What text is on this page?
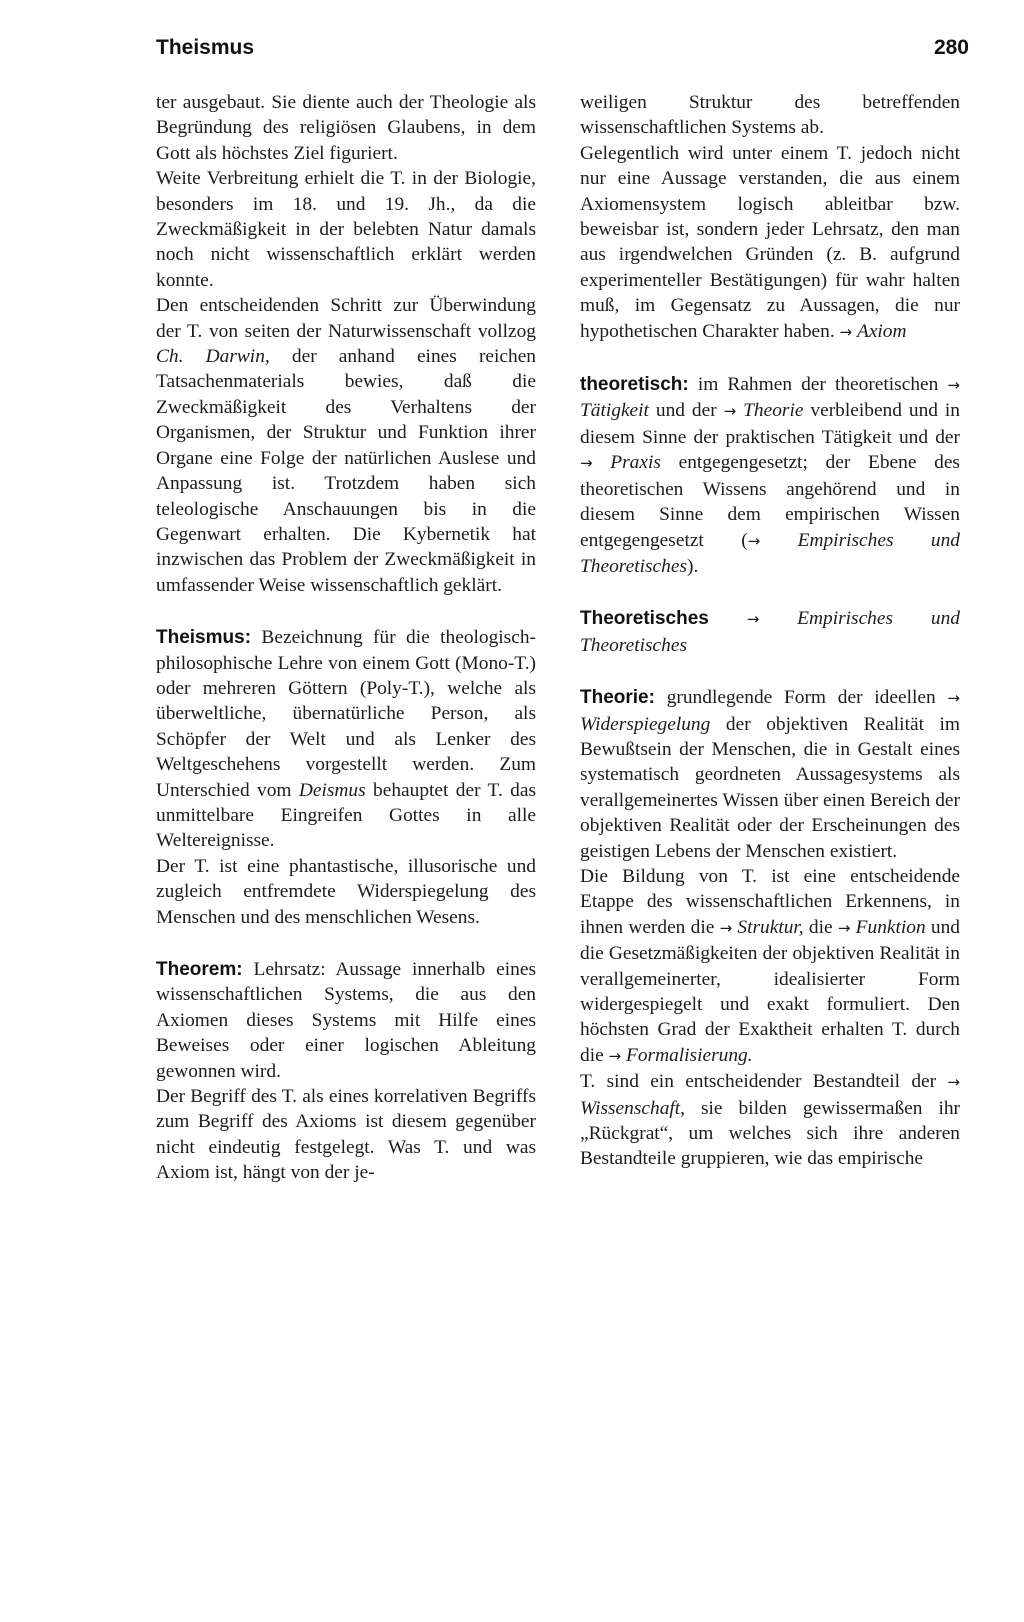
Theismus	280

ter ausgebaut. Sie diente auch der Theologie als Begründung des religiösen Glaubens, in dem Gott als höchstes Ziel figuriert.

Weite Verbreitung erhielt die T. in der Biologie, besonders im 18. und 19. Jh., da die Zweckmäßigkeit in der belebten Natur damals noch nicht wissenschaftlich erklärt werden konnte.

Den entscheidenden Schritt zur Überwindung der T. von seiten der Naturwissenschaft vollzog Ch. Darwin, der anhand eines reichen Tatsachenmaterials bewies, daß die Zweckmäßigkeit des Verhaltens der Organismen, der Struktur und Funktion ihrer Organe eine Folge der natürlichen Auslese und Anpassung ist. Trotzdem haben sich teleologische Anschauungen bis in die Gegenwart erhalten. Die Kybernetik hat inzwischen das Problem der Zweckmäßigkeit in umfassender Weise wissenschaftlich geklärt.

Theismus: Bezeichnung für die theologisch-philosophische Lehre von einem Gott (Mono-T.) oder mehreren Göttern (Poly-T.), welche als überweltliche, übernatürliche Person, als Schöpfer der Welt und als Lenker des Weltgeschehens vorgestellt werden. Zum Unterschied vom Deismus behauptet der T. das unmittelbare Eingreifen Gottes in alle Weltereignisse.

Der T. ist eine phantastische, illusorische und zugleich entfremdete Widerspiegelung des Menschen und des menschlichen Wesens.

Theorem: Lehrsatz: Aussage innerhalb eines wissenschaftlichen Systems, die aus den Axiomen dieses Systems mit Hilfe eines Beweises oder einer logischen Ableitung gewonnen wird.

Der Begriff des T. als eines korrelativen Begriffs zum Begriff des Axioms ist diesem gegenüber nicht eindeutig festgelegt. Was T. und was Axiom ist, hängt von der je-

weiligen Struktur des betreffenden wissenschaftlichen Systems ab.

Gelegentlich wird unter einem T. jedoch nicht nur eine Aussage verstanden, die aus einem Axiomensystem logisch ableitbar bzw. beweisbar ist, sondern jeder Lehrsatz, den man aus irgendwelchen Gründen (z. B. aufgrund experimenteller Bestätigungen) für wahr halten muß, im Gegensatz zu Aussagen, die nur hypothetischen Charakter haben. → Axiom

theoretisch: im Rahmen der theoretischen → Tätigkeit und der → Theorie verbleibend und in diesem Sinne der praktischen Tätigkeit und der → Praxis entgegengesetzt; der Ebene des theoretischen Wissens angehörend und in diesem Sinne dem empirischen Wissen entgegengesetzt (→ Empirisches und Theoretisches).

Theoretisches	→ Empirisches und Theoretisches

Theorie: grundlegende Form der ideellen → Widerspiegelung der objektiven Realität im Bewußtsein der Menschen, die in Gestalt eines systematisch geordneten Aussagesystems als verallgemeinertes Wissen über einen Bereich der objektiven Realität oder der Erscheinungen des geistigen Lebens der Menschen existiert.

Die Bildung von T. ist eine entscheidende Etappe des wissenschaftlichen Erkennens, in ihnen werden die → Struktur, die → Funktion und die Gesetzmäßigkeiten der objektiven Realität in verallgemeinerter, idealisierter Form widergespiegelt und exakt formuliert. Den höchsten Grad der Exaktheit erhalten T. durch die → Formalisierung.

T. sind ein entscheidender Bestandteil der → Wissenschaft, sie bilden gewissermaßen ihr „Rückgrat“, um welches sich ihre anderen Bestandteile gruppieren, wie das empirische
